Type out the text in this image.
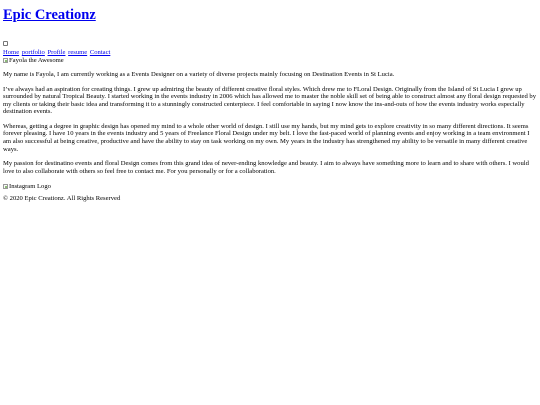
Epic Creationz
Home portfolio Profile resume Contact
Fayola the Awesome

My name is Fayola, I am currently working as a Events Designer on a variety of diverse projects mainly focusing on Destination Events in St Lucia.

I’ve always had an aspiration for creating things. I grew up admiring the beauty of different creative floral styles. Which drew me to FLoral Design. Originally from the Island of St Lucia I grew up surrounded by natural Tropical Beauty. I started working in the events industry in 2006 which has allowed me to master the noble skill set of being able to construct almost any floral design requested by my clients or taking their basic idea and transforming it to a stunningly constructed centerpiece. I feel comfortable in saying I now know the ins-and-outs of how the events industry works especially destination events.

Whereas, getting a degree in graphic design has opened my mind to a whole other world of design. I still use my hands, but my mind gets to explore creativity in so many different directions. It seems forever pleasing. I have 10 years in the events industry and 5 years of Freelance Floral Design under my belt. I love the fast-paced world of planning events and enjoy working in a team environment I am also successful at being creative, productive and have the ability to stay on task working on my own. My years in the industry has strengthened my ability to be versatile in many different creative ways.

My passion for destinatino events and floral Design comes from this grand idea of never-ending knowledge and beauty. I aim to always have something more to learn and to share with others. I would love to also collaborate with others so feel free to contact me. For you personally or for a collaboration.

Instagram Logo
© 2020 Epic Creationz. All Rights Reserved
